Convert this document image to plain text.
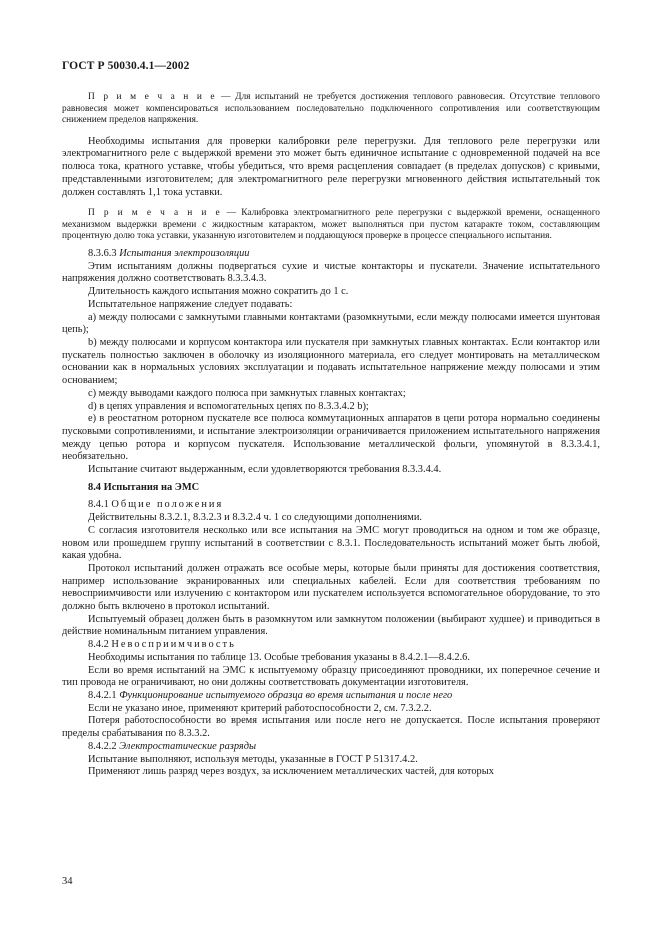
ГОСТ Р 50030.4.1—2002

П р и м е ч а н и е — Для испытаний не требуется достижения теплового равновесия. Отсутствие теплового равновесия может компенсироваться использованием последовательно подключенного сопротивления или соответствующим снижением пределов напряжения.

Необходимы испытания для проверки калибровки реле перегрузки. Для теплового реле перегрузки или электромагнитного реле с выдержкой времени это может быть единичное испытание с одновременной подачей на все полюса тока, кратного уставке, чтобы убедиться, что время расцепления совпадает (в пределах допусков) с кривыми, представленными изготовителем; для электромагнитного реле перегрузки мгновенного действия испытательный ток должен составлять 1,1 тока уставки.

П р и м е ч а н и е — Калибровка электромагнитного реле перегрузки с выдержкой времени, оснащенного механизмом выдержки времени с жидкостным катарактом, может выполняться при пустом катаракте током, составляющим процентную долю тока уставки, указанную изготовителем и поддающуюся проверке в процессе специального испытания.

8.3.6.3 Испытания электроизоляции

Этим испытаниям должны подвергаться сухие и чистые контакторы и пускатели. Значение испытательного напряжения должно соответствовать 8.3.3.4.3.

Длительность каждого испытания можно сократить до 1 с.

Испытательное напряжение следует подавать:

a) между полюсами с замкнутыми главными контактами (разомкнутыми, если между полюсами имеется шунтовая цепь);

b) между полюсами и корпусом контактора или пускателя при замкнутых главных контактах. Если контактор или пускатель полностью заключен в оболочку из изоляционного материала, его следует монтировать на металлическом основании как в нормальных условиях эксплуатации и подавать испытательное напряжение между полюсами и этим основанием;

c) между выводами каждого полюса при замкнутых главных контактах;

d) в цепях управления и вспомогательных цепях по 8.3.3.4.2 b);

e) в реостатном роторном пускателе все полюса коммутационных аппаратов в цепи ротора нормально соединены пусковыми сопротивлениями, и испытание электроизоляции ограничивается приложением испытательного напряжения между цепью ротора и корпусом пускателя. Использование металлической фольги, упомянутой в 8.3.3.4.1, необязательно.

Испытание считают выдержанным, если удовлетворяются требования 8.3.3.4.4.

8.4 Испытания на ЭМС

8.4.1 Общие положения

Действительны 8.3.2.1, 8.3.2.3 и 8.3.2.4 ч. 1 со следующими дополнениями.

С согласия изготовителя несколько или все испытания на ЭМС могут проводиться на одном и том же образце, новом или прошедшем группу испытаний в соответствии с 8.3.1. Последовательность испытаний может быть любой, какая удобна.

Протокол испытаний должен отражать все особые меры, которые были приняты для достижения соответствия, например использование экранированных или специальных кабелей. Если для соответствия требованиям по невосприимчивости или излучению с контактором или пускателем используется вспомогательное оборудование, то это должно быть включено в протокол испытаний.

Испытуемый образец должен быть в разомкнутом или замкнутом положении (выбирают худшее) и приводиться в действие номинальным питанием управления.

8.4.2 Невосприимчивость

Необходимы испытания по таблице 13. Особые требования указаны в 8.4.2.1—8.4.2.6.

Если во время испытаний на ЭМС к испытуемому образцу присоединяют проводники, их поперечное сечение и тип провода не ограничивают, но они должны соответствовать документации изготовителя.

8.4.2.1 Функционирование испытуемого образца во время испытания и после него

Если не указано иное, применяют критерий работоспособности 2, см. 7.3.2.2.

Потеря работоспособности во время испытания или после него не допускается. После испытания проверяют пределы срабатывания по 8.3.3.2.

8.4.2.2 Электростатические разряды

Испытание выполняют, используя методы, указанные в ГОСТ Р 51317.4.2.

Применяют лишь разряд через воздух, за исключением металлических частей, для которых

34
